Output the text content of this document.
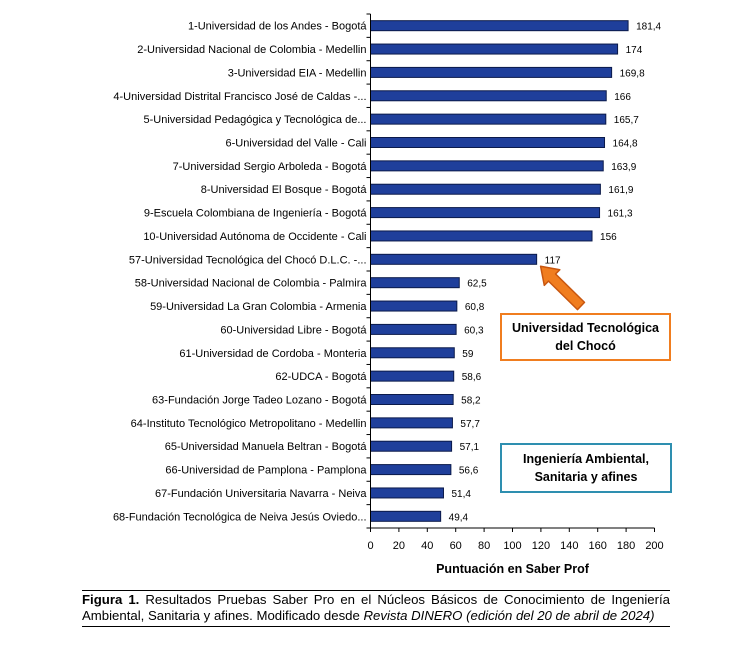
1-Universidad de los Andes - Bogotá
2-Universidad Nacional de Colombia - Medellin
3-Universidad EIA - Medellin
4-Universidad Distrital Francisco José de Caldas -...
5-Universidad Pedagógica y Tecnológica de...
6-Universidad del Valle - Cali
7-Universidad Sergio Arboleda - Bogotá
8-Universidad El Bosque - Bogotá
9-Escuela Colombiana de Ingeniería - Bogotá
10-Universidad Autónoma de Occidente - Cali
57-Universidad Tecnológica del Chocó D.L.C. -...
58-Universidad Nacional de Colombia - Palmira
59-Universidad La Gran Colombia - Armenia
60-Universidad Libre - Bogotá
61-Universidad de Cordoba - Monteria
62-UDCA - Bogotá
63-Fundación Jorge Tadeo Lozano - Bogotá
64-Instituto Tecnológico Metropolitano - Medellin
65-Universidad Manuela Beltran - Bogotá
66-Universidad de Pamplona - Pamplona
67-Fundación Universitaria Navarra - Neiva
68-Fundación Tecnológica de Neiva Jesús Oviedo...
181,4
174
169,8
166
165,7
164,8
163,9
161,9
161,3
156
117
62,5
60,8
60,3
59
58,6
58,2
57,7
57,1
56,6
51,4
49,4
0 20 40 60 80 100 120 140 160 180 200
Puntuación en Saber Prof
Universidad Tecnológica
del Chocó
Ingeniería Ambiental,
Sanitaria y afines
Figura 1. Resultados Pruebas Saber Pro en el Núcleos Básicos de Conocimiento de Ingeniería Ambiental, Sanitaria y afines. Modificado desde Revista DINERO (edición del 20 de abril de 2024)
